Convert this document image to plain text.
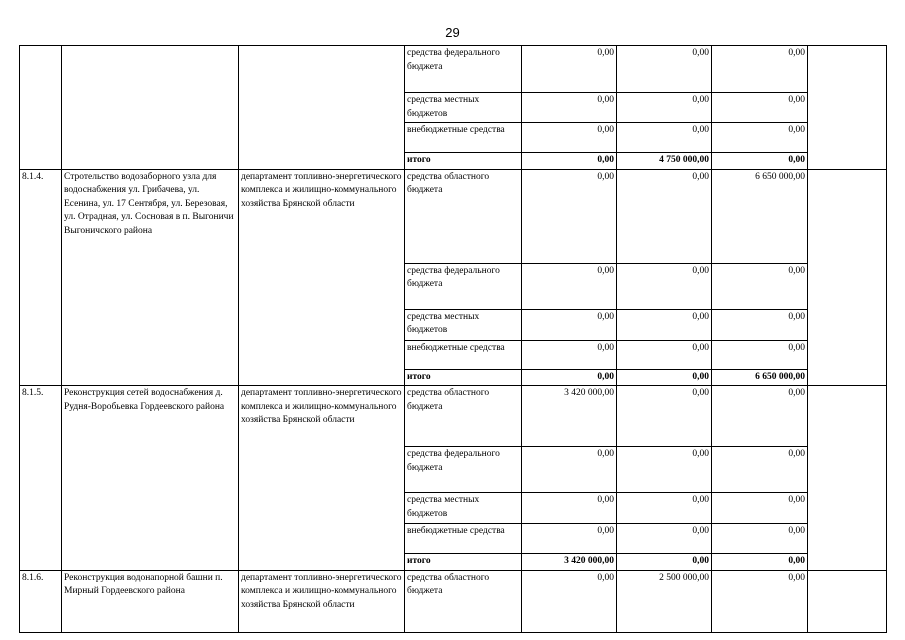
29
			средства федерального бюджета	0,00	0,00	0,00	
			средства местных бюджетов	0,00	0,00	0,00	
			внебюджетные средства	0,00	0,00	0,00	
			итого	0,00	4 750 000,00	0,00	
8.1.4.	Стротельство водозаборного узла для водоснабжения ул. Грибачева, ул. Есенина, ул. 17 Сентября, ул. Березовая, ул. Отрадная, ул. Сосновая в п. Выгоничи Выгоничского района	департамент топливно-энергетического комплекса и жилищно-коммунального хозяйства Брянской области	средства областного бюджета	0,00	0,00	6 650 000,00	
			средства федерального бюджета	0,00	0,00	0,00	
			средства местных бюджетов	0,00	0,00	0,00	
			внебюджетные средства	0,00	0,00	0,00	
			итого	0,00	0,00	6 650 000,00	
8.1.5.	Реконструкция сетей водоснабжения д. Рудня-Воробьевка Гордеевского района	департамент топливно-энергетического комплекса и жилищно-коммунального хозяйства Брянской области	средства областного бюджета	3 420 000,00	0,00	0,00	
			средства федерального бюджета	0,00	0,00	0,00	
			средства местных бюджетов	0,00	0,00	0,00	
			внебюджетные средства	0,00	0,00	0,00	
			итого	3 420 000,00	0,00	0,00	
8.1.6.	Реконструкция водонапорной башни п. Мирный Гордеевского района	департамент топливно-энергетического комплекса и жилищно-коммунального хозяйства Брянской области	средства областного бюджета	0,00	2 500 000,00	0,00	
